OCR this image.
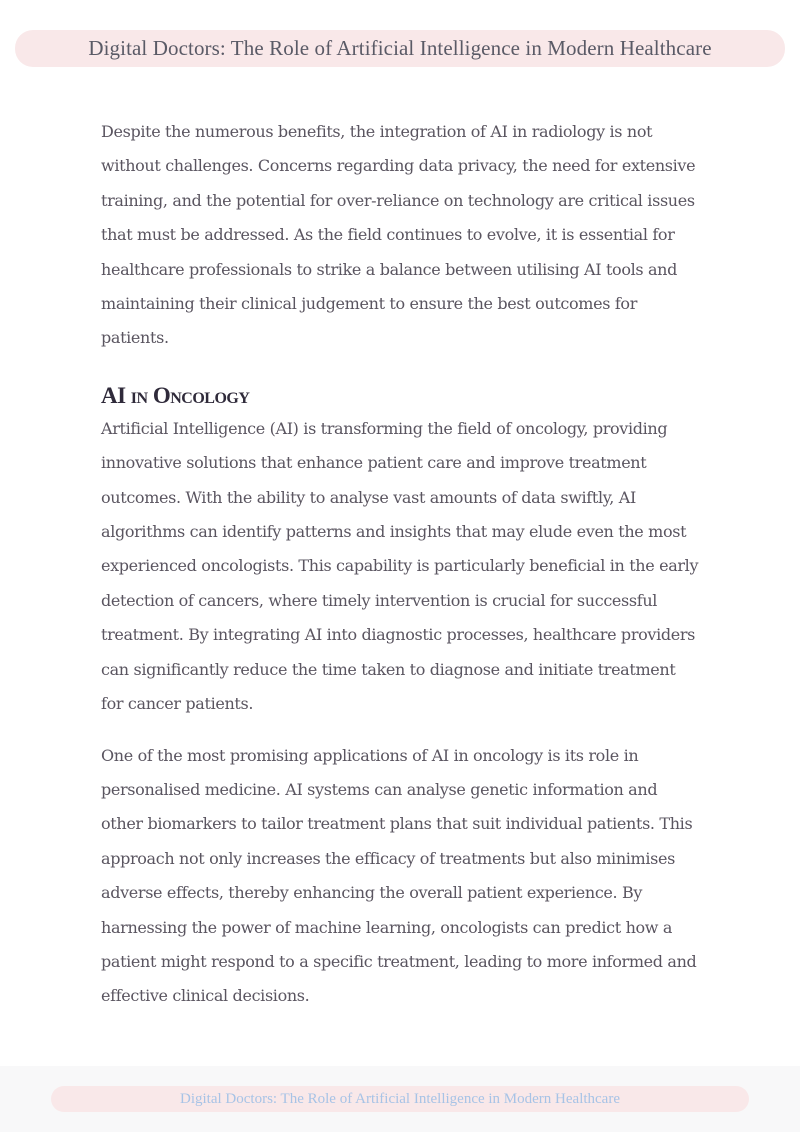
Digital Doctors: The Role of Artificial Intelligence in Modern Healthcare

Despite the numerous benefits, the integration of AI in radiology is not without challenges. Concerns regarding data privacy, the need for extensive training, and the potential for over-reliance on technology are critical issues that must be addressed. As the field continues to evolve, it is essential for healthcare professionals to strike a balance between utilising AI tools and maintaining their clinical judgement to ensure the best outcomes for patients.

AI in Oncology

Artificial Intelligence (AI) is transforming the field of oncology, providing innovative solutions that enhance patient care and improve treatment outcomes. With the ability to analyse vast amounts of data swiftly, AI algorithms can identify patterns and insights that may elude even the most experienced oncologists. This capability is particularly beneficial in the early detection of cancers, where timely intervention is crucial for successful treatment. By integrating AI into diagnostic processes, healthcare providers can significantly reduce the time taken to diagnose and initiate treatment for cancer patients.

One of the most promising applications of AI in oncology is its role in personalised medicine. AI systems can analyse genetic information and other biomarkers to tailor treatment plans that suit individual patients. This approach not only increases the efficacy of treatments but also minimises adverse effects, thereby enhancing the overall patient experience. By harnessing the power of machine learning, oncologists can predict how a patient might respond to a specific treatment, leading to more informed and effective clinical decisions.

Digital Doctors: The Role of Artificial Intelligence in Modern Healthcare
